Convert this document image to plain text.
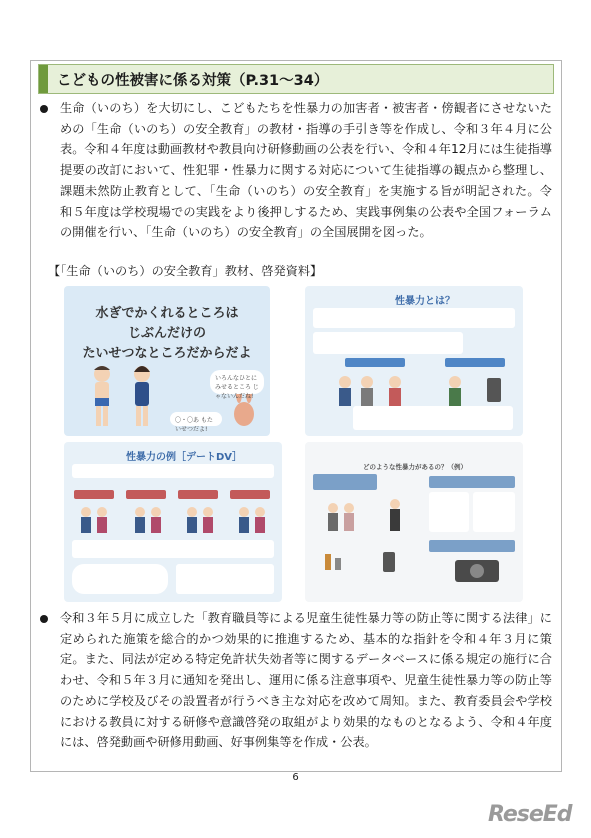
こどもの性被害に係る対策（P.31～34）

生命（いのち）を大切にし、こどもたちを性暴力の加害者・被害者・傍観者にさせないための「生命（いのち）の安全教育」の教材・指導の手引き等を作成し、令和３年４月に公表。令和４年度は動画教材や教員向け研修動画の公表を行い、令和４年12月には生徒指導提要の改訂において、性犯罪・性暴力に関する対応について生徒指導の観点から整理し、課題未然防止教育として、「生命（いのち）の安全教育」を実施する旨が明記された。令和５年度は学校現場での実践をより後押しするため、実践事例集の公表や全国フォーラムの開催を行い、「生命（いのち）の安全教育」の全国展開を図った。

【「生命（いのち）の安全教育」教材、啓発資料】
水ぎでかくれるところは
じぶんだけの
たいせつなところだからだよ
いろんなひとに みせるところ じゃないんだね!
〇・〇あ もたいせつだよ!
性暴力とは？
性暴力の例［デートDV］
どのような性暴力があるの？（例）

令和３年５月に成立した「教育職員等による児童生徒性暴力等の防止等に関する法律」に定められた施策を総合的かつ効果的に推進するため、基本的な指針を令和４年３月に策定。また、同法が定める特定免許状失効者等に関するデータベースに係る規定の施行に合わせ、令和５年３月に通知を発出し、運用に係る注意事項や、児童生徒性暴力等の防止等のために学校及びその設置者が行うべき主な対応を改めて周知。また、教育委員会や学校における教員に対する研修や意識啓発の取組がより効果的なものとなるよう、令和４年度には、啓発動画や研修用動画、好事例集等を作成・公表。

6
ReseEd
